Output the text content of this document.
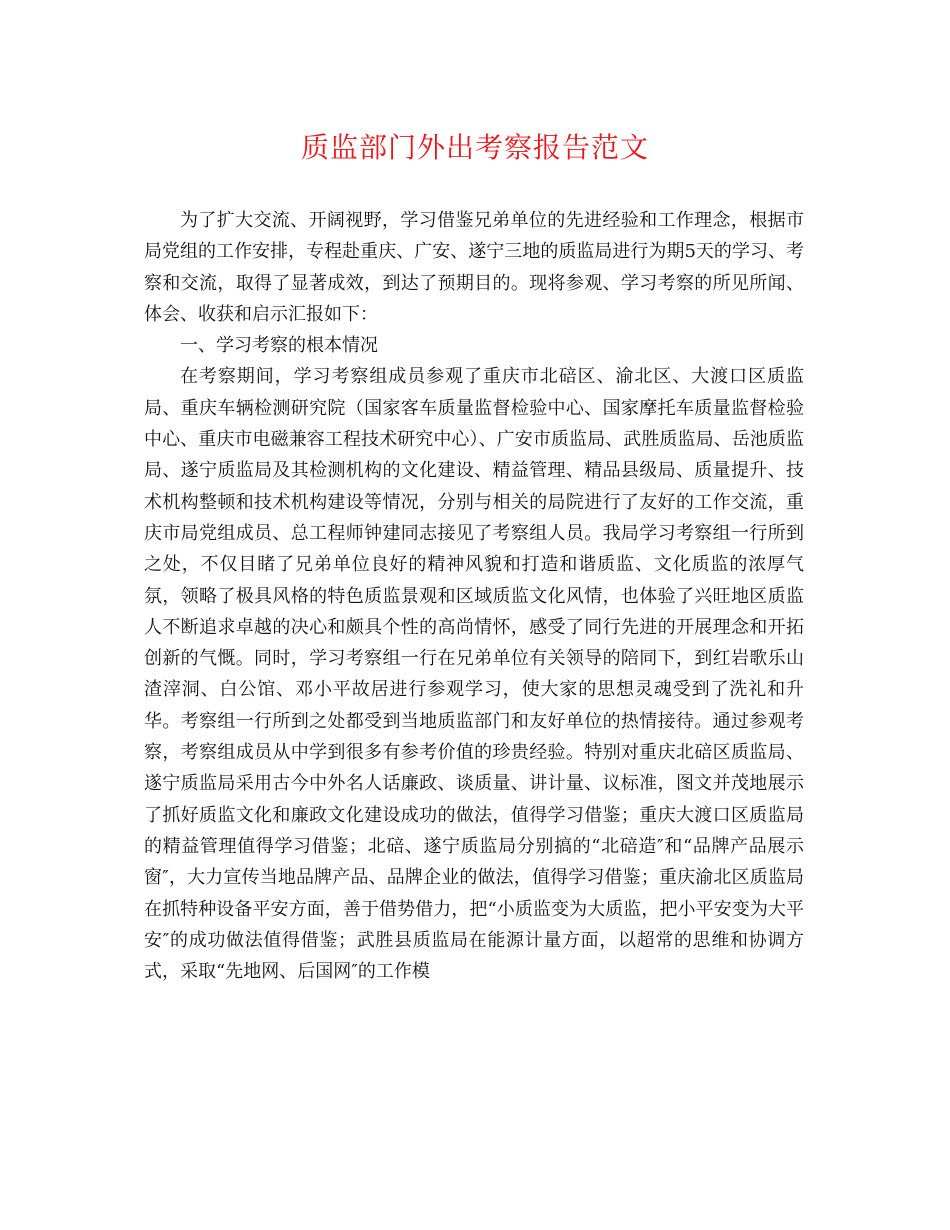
质监部门外出考察报告范文

为了扩大交流、开阔视野，学习借鉴兄弟单位的先进经验和工作理念，根据市局党组的工作安排，专程赴重庆、广安、遂宁三地的质监局进行为期5天的学习、考察和交流，取得了显著成效，到达了预期目的。现将参观、学习考察的所见所闻、体会、收获和启示汇报如下：

一、学习考察的根本情况

在考察期间，学习考察组成员参观了重庆市北碚区、渝北区、大渡口区质监局、重庆车辆检测研究院（国家客车质量监督检验中心、国家摩托车质量监督检验中心、重庆市电磁兼容工程技术研究中心）、广安市质监局、武胜质监局、岳池质监局、遂宁质监局及其检测机构的文化建设、精益管理、精品县级局、质量提升、技术机构整顿和技术机构建设等情况，分别与相关的局院进行了友好的工作交流，重庆市局党组成员、总工程师钟建同志接见了考察组人员。我局学习考察组一行所到之处，不仅目睹了兄弟单位良好的精神风貌和打造和谐质监、文化质监的浓厚气氛，领略了极具风格的特色质监景观和区域质监文化风情，也体验了兴旺地区质监人不断追求卓越的决心和颇具个性的高尚情怀，感受了同行先进的开展理念和开拓创新的气慨。同时，学习考察组一行在兄弟单位有关领导的陪同下，到红岩歌乐山渣滓洞、白公馆、邓小平故居进行参观学习，使大家的思想灵魂受到了洗礼和升华。考察组一行所到之处都受到当地质监部门和友好单位的热情接待。通过参观考察，考察组成员从中学到很多有参考价值的珍贵经验。特别对重庆北碚区质监局、遂宁质监局采用古今中外名人话廉政、谈质量、讲计量、议标准，图文并茂地展示了抓好质监文化和廉政文化建设成功的做法，值得学习借鉴；重庆大渡口区质监局的精益管理值得学习借鉴；北碚、遂宁质监局分别搞的“北碚造″和“品牌产品展示窗″，大力宣传当地品牌产品、品牌企业的做法，值得学习借鉴；重庆渝北区质监局在抓特种设备平安方面，善于借势借力，把“小质监变为大质监，把小平安变为大平安″的成功做法值得借鉴；武胜县质监局在能源计量方面，以超常的思维和协调方式，采取“先地网、后国网″的工作模
